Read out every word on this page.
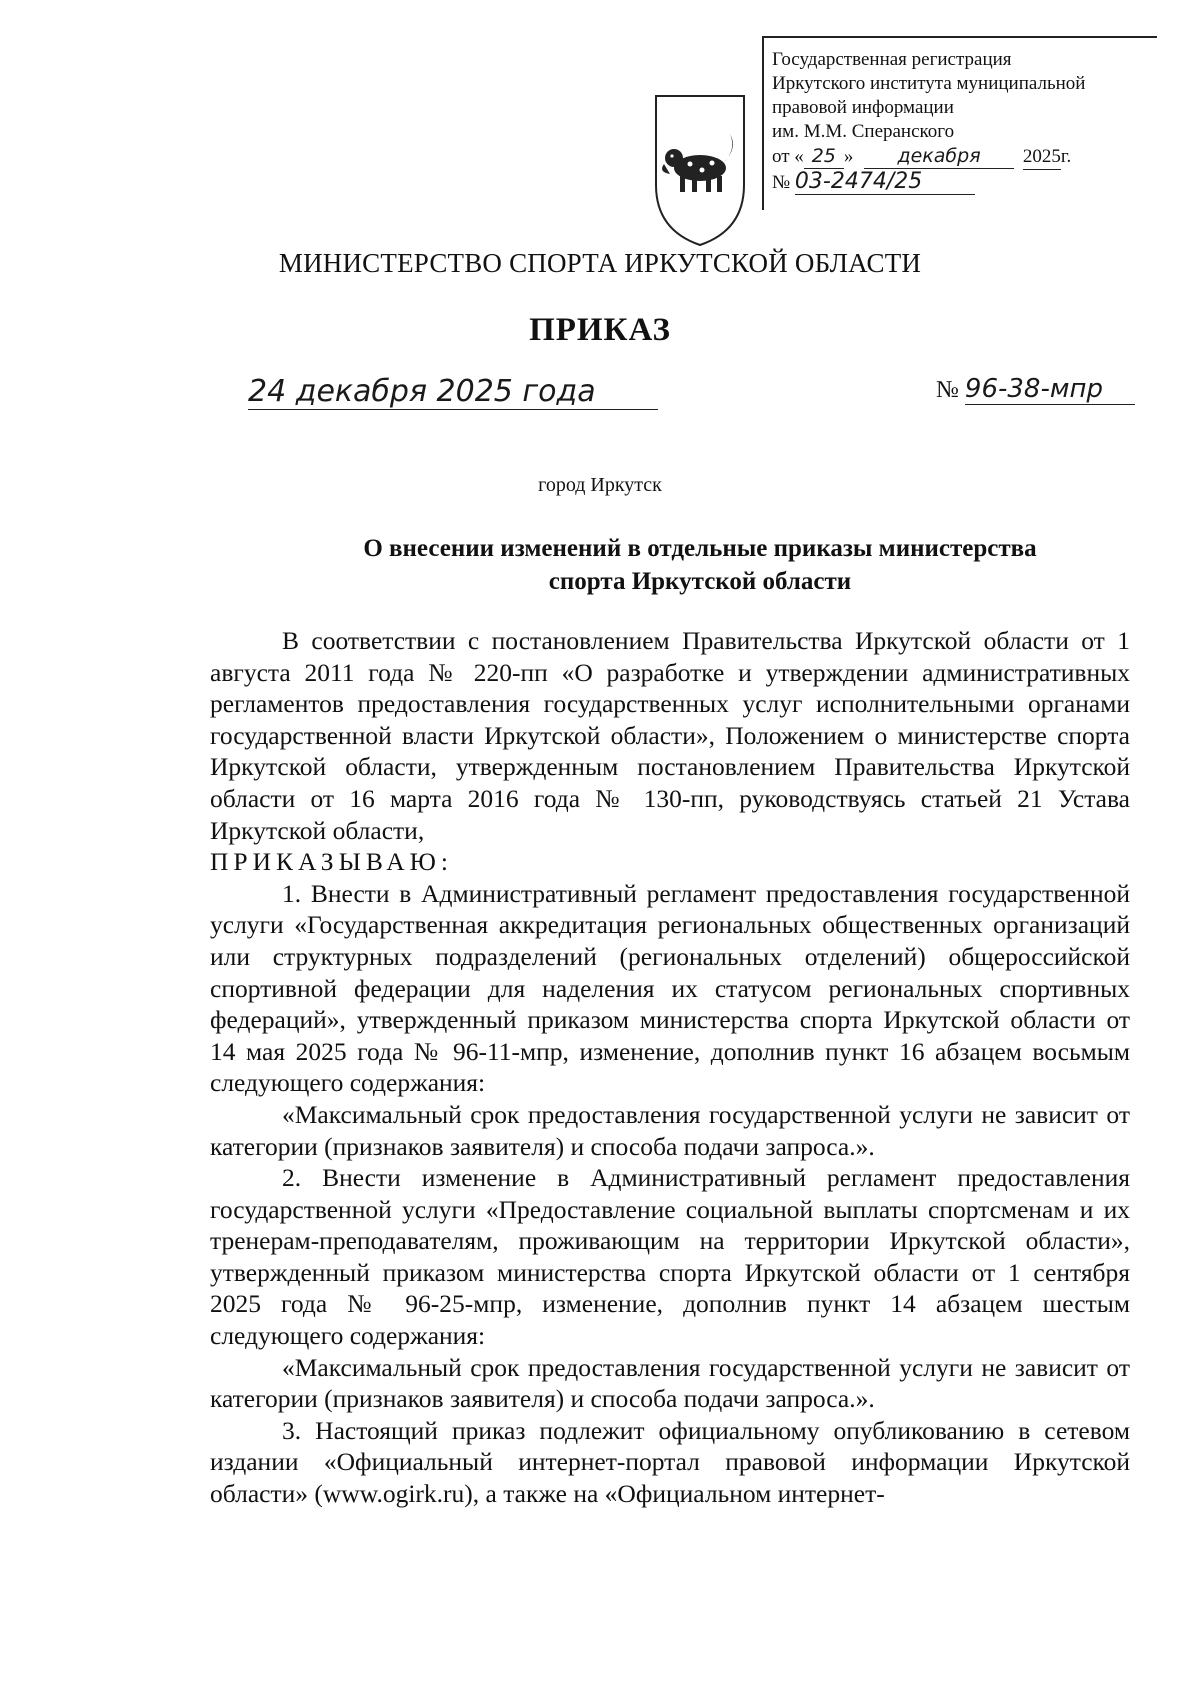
Государственная регистрация
Иркутского института муниципальной
правовой информации
им. М.М. Сперанского
от « 25 » декабря 2025г.
№ 03-2474/25
МИНИСТЕРСТВО СПОРТА ИРКУТСКОЙ ОБЛАСТИ
ПРИКАЗ
24 декабря 2025 года	№ 96-38-мпр
город Иркутск
О внесении изменений в отдельные приказы министерства
спорта Иркутской области

В соответствии с постановлением Правительства Иркутской области от 1 августа 2011 года № 220-пп «О разработке и утверждении административных регламентов предоставления государственных услуг исполнительными органами государственной власти Иркутской области», Положением о министерстве спорта Иркутской области, утвержденным постановлением Правительства Иркутской области от 16 марта 2016 года № 130-пп, руководствуясь статьей 21 Устава Иркутской области,

ПРИКАЗЫВАЮ:

1. Внести в Административный регламент предоставления государственной услуги «Государственная аккредитация региональных общественных организаций или структурных подразделений (региональных отделений) общероссийской спортивной федерации для наделения их статусом региональных спортивных федераций», утвержденный приказом министерства спорта Иркутской области от 14 мая 2025 года № 96-11-мпр, изменение, дополнив пункт 16 абзацем восьмым следующего содержания:

«Максимальный срок предоставления государственной услуги не зависит от категории (признаков заявителя) и способа подачи запроса.».

2. Внести изменение в Административный регламент предоставления государственной услуги «Предоставление социальной выплаты спортсменам и их тренерам-преподавателям, проживающим на территории Иркутской области», утвержденный приказом министерства спорта Иркутской области от 1 сентября 2025 года № 96-25-мпр, изменение, дополнив пункт 14 абзацем шестым следующего содержания:

«Максимальный срок предоставления государственной услуги не зависит от категории (признаков заявителя) и способа подачи запроса.».

3. Настоящий приказ подлежит официальному опубликованию в сетевом издании «Официальный интернет-портал правовой информации Иркутской области» (www.ogirk.ru), а также на «Официальном интернет-
